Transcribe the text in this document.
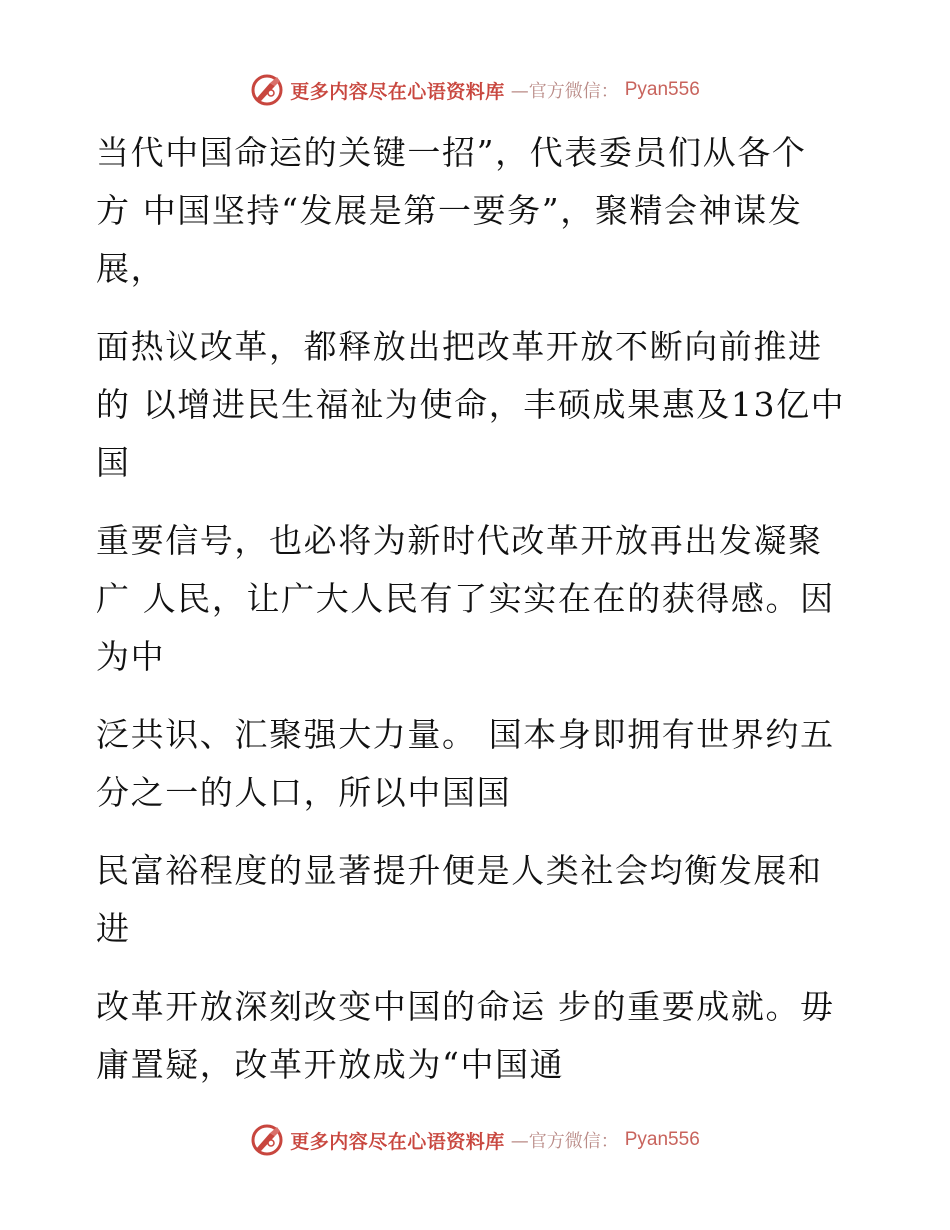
更多内容尽在心语资料库 —官方微信： Pyan556

当代中国命运的关键一招”，代表委员们从各个
方 中国坚持“发展是第一要务”，聚精会神谋发
展，

面热议改革，都释放出把改革开放不断向前推进
的 以增进民生福祉为使命，丰硕成果惠及13亿中
国

重要信号，也必将为新时代改革开放再出发凝聚
广 人民，让广大人民有了实实在在的获得感。因
为中

泛共识、汇聚强大力量。 国本身即拥有世界约五
分之一的人口，所以中国国

民富裕程度的显著提升便是人类社会均衡发展和
进

改革开放深刻改变中国的命运 步的重要成就。毋
庸置疑，改革开放成为“中国通

更多内容尽在心语资料库 —官方微信： Pyan556
